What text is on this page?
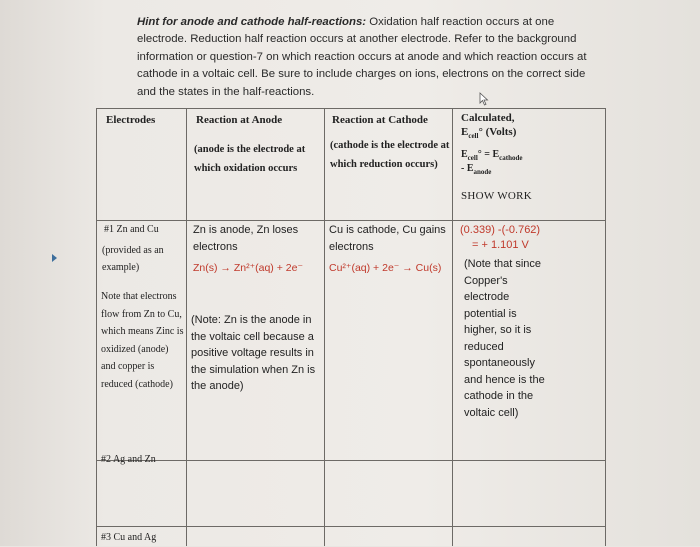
Hint for anode and cathode half-reactions: Oxidation half reaction occurs at one electrode. Reduction half reaction occurs at another electrode. Refer to the background information or question-7 on which reaction occurs at anode and which reaction occurs at cathode in a voltaic cell. Be sure to include charges on ions, electrons on the correct side and the states in the half-reactions.
Electrodes	Reaction at Anode
(anode is the electrode at which oxidation occurs
Reaction at Cathode
(cathode is the electrode at which reduction occurs)
Calculated,
$E_{cell}^\circ$ (Volts)
$E_{cell}^\circ = E_{cathode}$
- $E_{anode}$
SHOW WORK
#1 Zn and Cu
(provided as an example)
Note that electrons flow from Zn to Cu, which means Zinc is oxidized (anode) and copper is reduced (cathode)
Zn is anode, Zn loses electrons
Zn(s) → Zn²⁺(aq) + 2e⁻
(Note: Zn is the anode in the voltaic cell because a positive voltage results in the simulation when Zn is the anode)
Cu is cathode, Cu gains electrons
Cu²⁺(aq) + 2e⁻ → Cu(s)
(0.339) -(-0.762)
= + 1.101 V
(Note that since Copper's electrode potential is higher, so it is reduced spontaneously and hence is the cathode in the voltaic cell)
#2 Ag and Zn
#3 Cu and Ag
